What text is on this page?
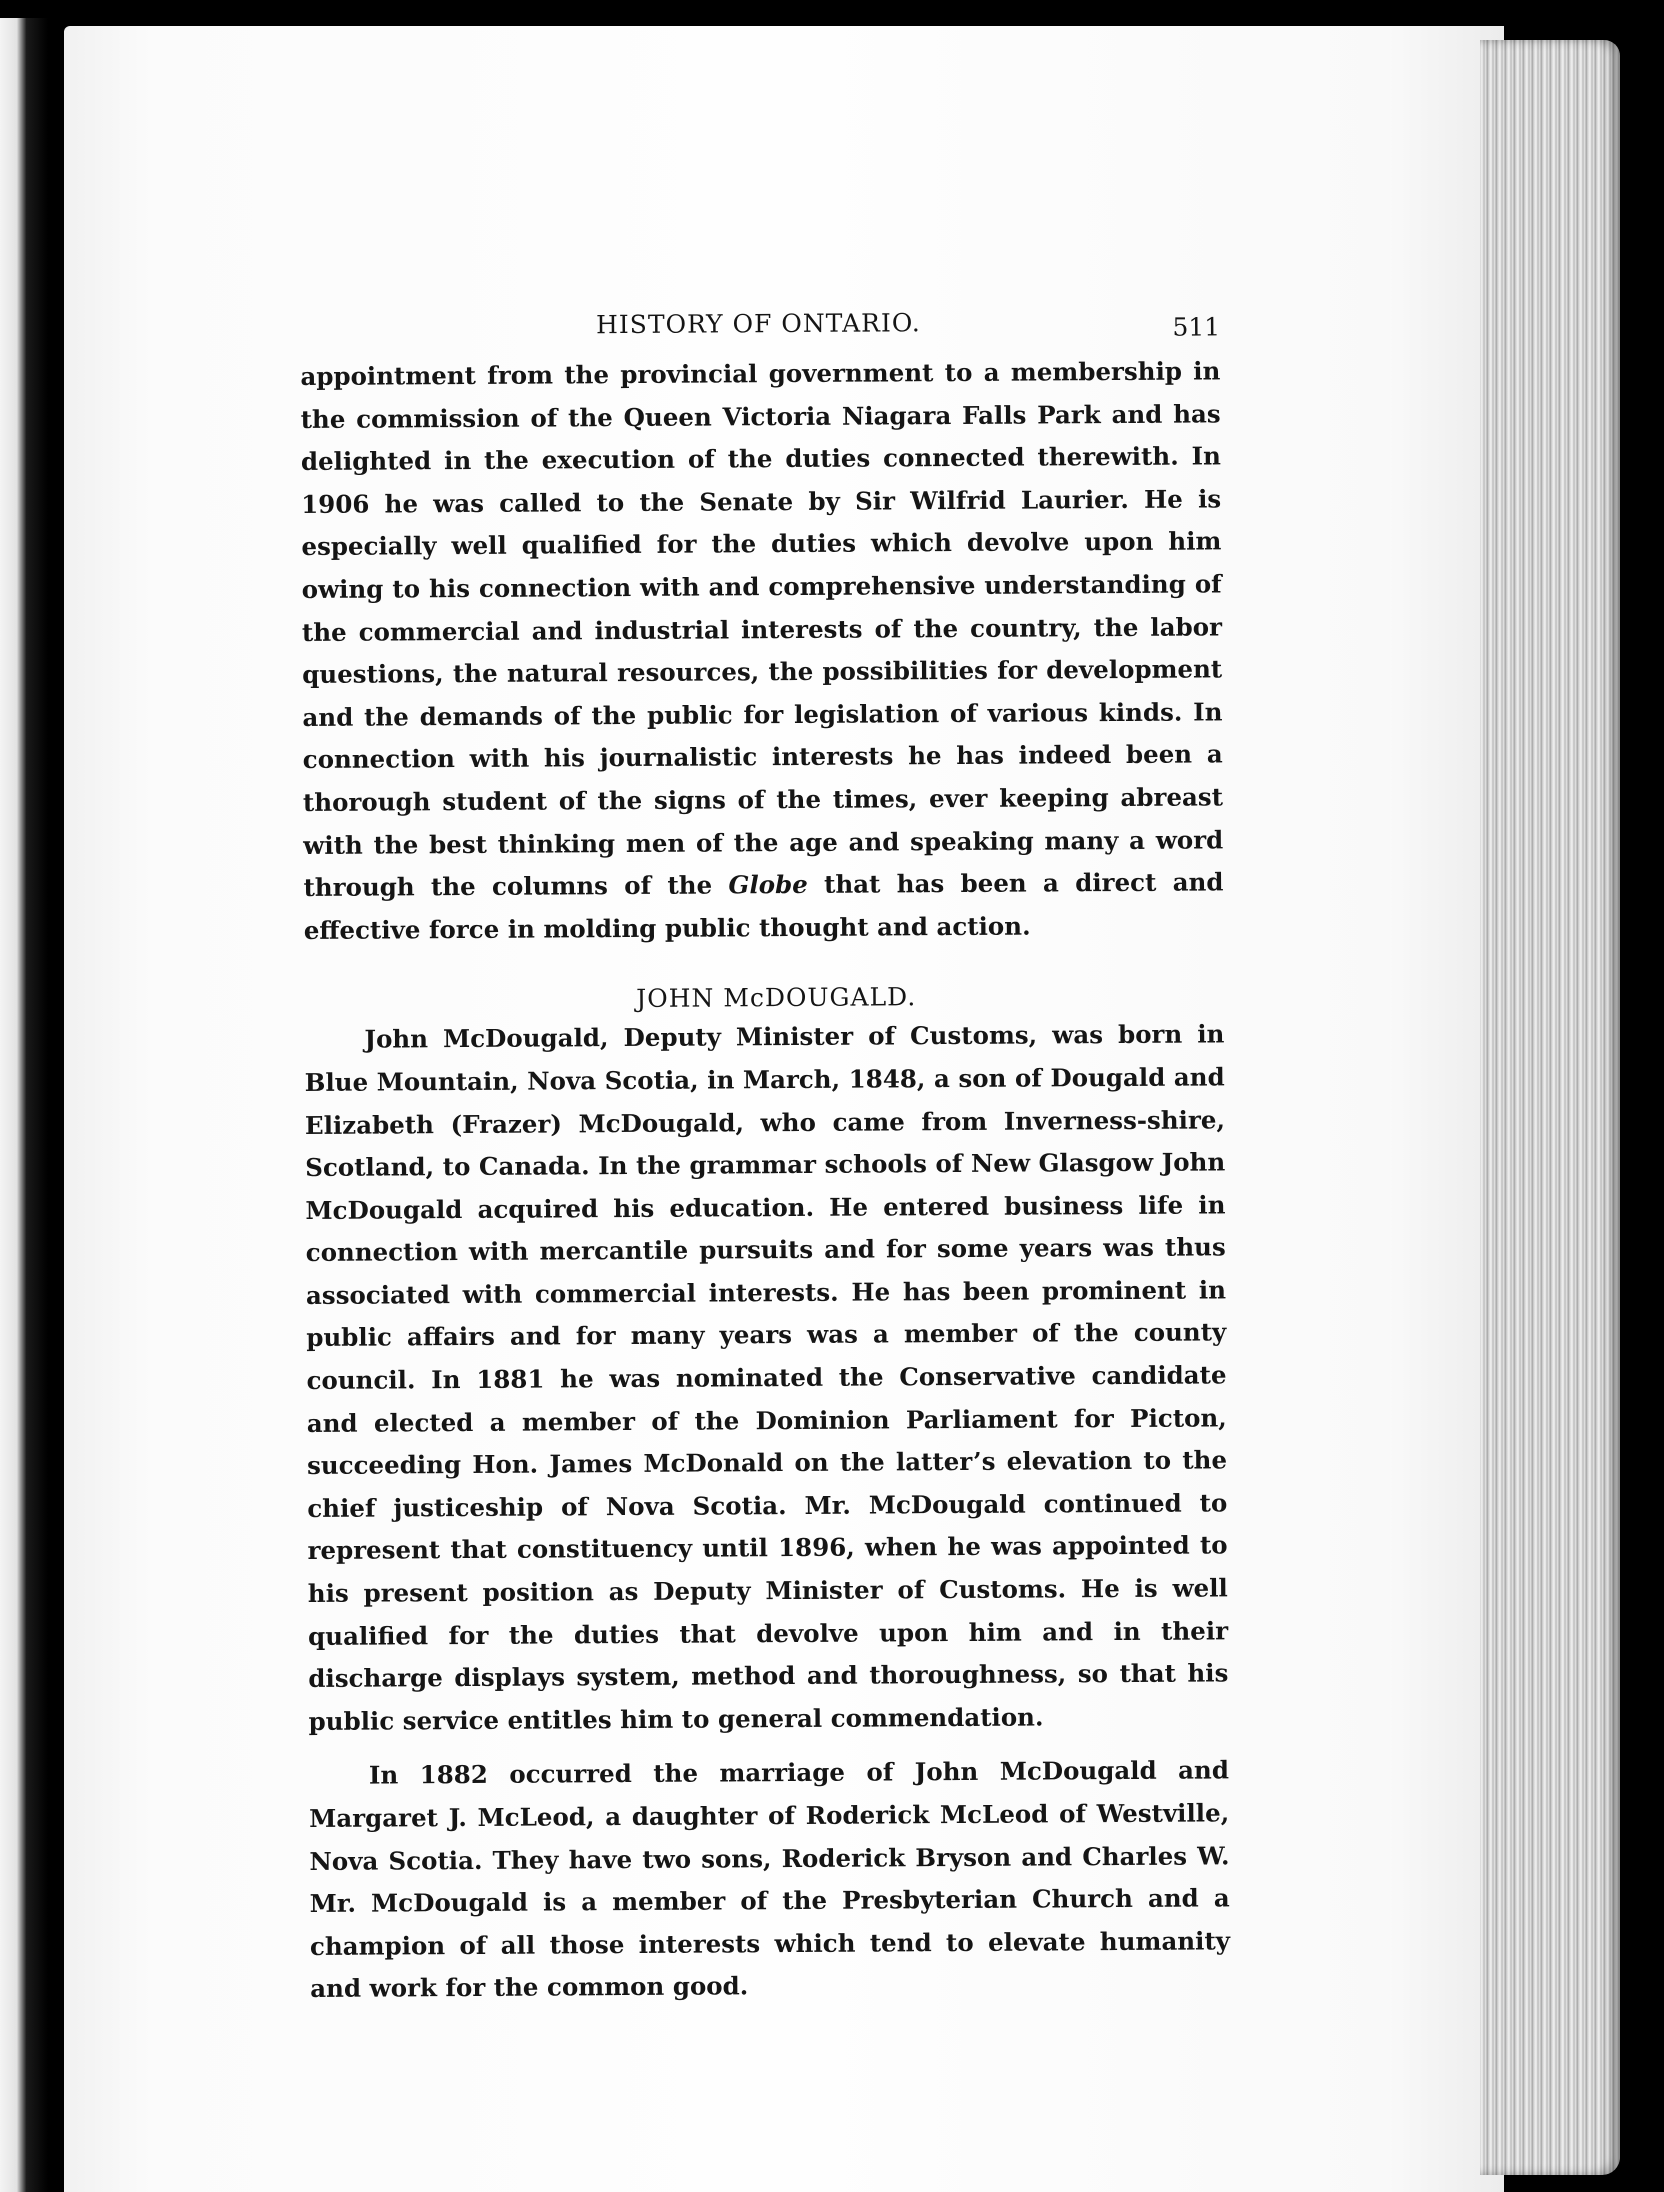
HISTORY OF ONTARIO.	511

appointment from the provincial government to a membership in the commission of the Queen Victoria Niagara Falls Park and has delighted in the execution of the duties connected therewith. In 1906 he was called to the Senate by Sir Wilfrid Laurier. He is especially well qualified for the duties which devolve upon him owing to his connection with and comprehensive understanding of the commercial and industrial interests of the country, the labor questions, the natural resources, the possibilities for development and the demands of the public for legislation of various kinds. In connection with his journalistic interests he has indeed been a thorough student of the signs of the times, ever keeping abreast with the best thinking men of the age and speaking many a word through the columns of the Globe that has been a direct and effective force in molding public thought and action.

JOHN McDOUGALD.

John McDougald, Deputy Minister of Customs, was born in Blue Mountain, Nova Scotia, in March, 1848, a son of Dougald and Elizabeth (Frazer) McDougald, who came from Inverness-shire, Scotland, to Canada. In the grammar schools of New Glasgow John McDougald acquired his education. He entered business life in connection with mercantile pursuits and for some years was thus associated with commercial interests. He has been prominent in public affairs and for many years was a member of the county council. In 1881 he was nominated the Conservative candidate and elected a member of the Dominion Parliament for Picton, succeeding Hon. James McDonald on the latter’s elevation to the chief justiceship of Nova Scotia. Mr. McDougald continued to represent that constituency until 1896, when he was appointed to his present position as Deputy Minister of Customs. He is well qualified for the duties that devolve upon him and in their discharge displays system, method and thoroughness, so that his public service entitles him to general commendation.

In 1882 occurred the marriage of John McDougald and Margaret J. McLeod, a daughter of Roderick McLeod of Westville, Nova Scotia. They have two sons, Roderick Bryson and Charles W. Mr. McDougald is a member of the Presbyterian Church and a champion of all those interests which tend to elevate humanity and work for the common good.
